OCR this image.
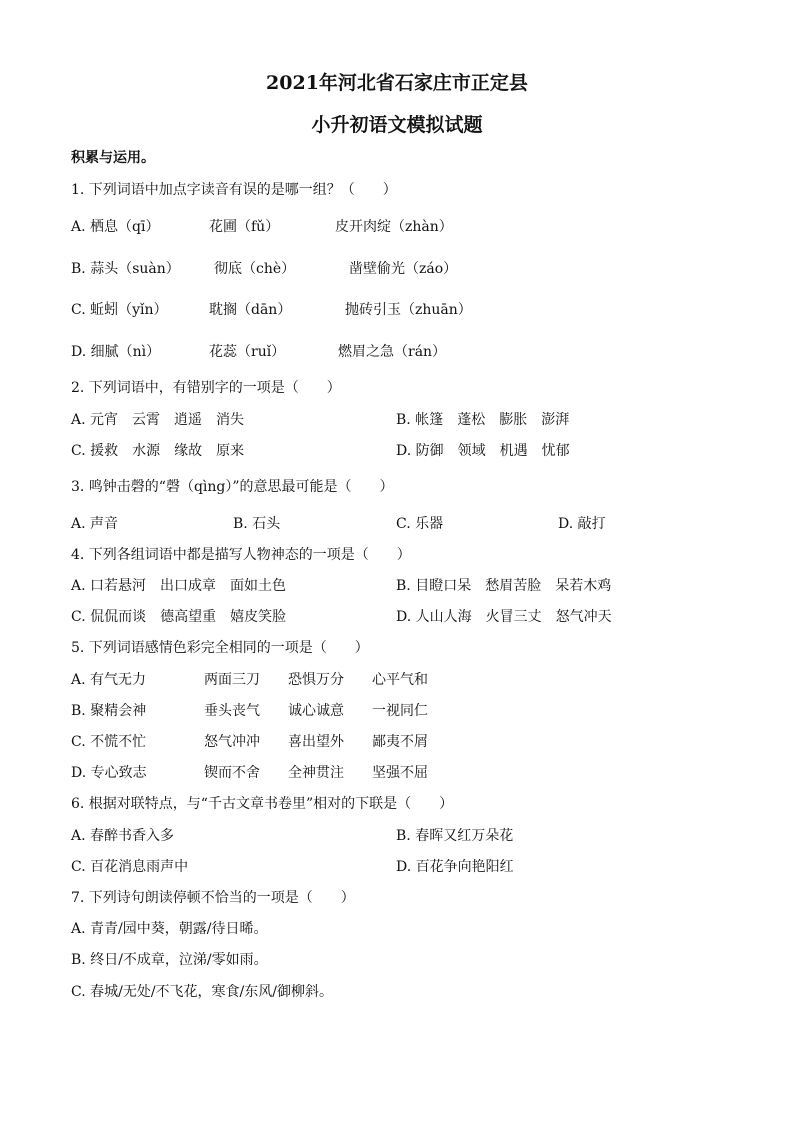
2021年河北省石家庄市正定县
小升初语文模拟试题
积累与运用。
1. 下列词语中加点字读音有误的是哪一组？（　　）
A. 栖息（qī）	花圃（fǔ）	皮开肉绽（zhàn）
B. 蒜头（suàn） 彻底（chè）	凿壁偷光（záo）
C. 蚯蚓（yǐn）	耽搁（dān）	抛砖引玉（zhuān）
D. 细腻（nì）	花蕊（ruǐ）	燃眉之急（rán）
2. 下列词语中，有错别字的一项是（　　）
A. 元宵　云霄　逍遥　消失	B. 帐篷　蓬松　膨胀　澎湃
C. 援救　水源　缘故　原来	D. 防御　领域　机遇　忧郁
3. 鸣钟击磬的“磬（qìng）”的意思最可能是（　　）
A. 声音	B. 石头	C. 乐器	D. 敲打
4. 下列各组词语中都是描写人物神态的一项是（　　）
A. 口若悬河　出口成章　面如土色	B. 目瞪口呆　愁眉苦脸　呆若木鸡
C. 侃侃而谈　德高望重　嬉皮笑脸	D. 人山人海　火冒三丈　怒气冲天
5. 下列词语感情色彩完全相同的一项是（　　）
A. 有气无力	两面三刀 恐惧万分 心平气和
B. 聚精会神	垂头丧气 诚心诚意 一视同仁
C. 不慌不忙	怒气冲冲 喜出望外 鄙夷不屑
D. 专心致志	锲而不舍 全神贯注 坚强不屈
6. 根据对联特点，与“千古文章书卷里”相对的下联是（　　）
A. 春醉书香入多	B. 春晖又红万朵花
C. 百花消息雨声中	D. 百花争向艳阳红
7. 下列诗句朗读停顿不恰当的一项是（　　）
A. 青青/园中葵，朝露/待日晞。
B. 终日/不成章，泣涕/零如雨。
C. 春城/无处/不飞花，寒食/东风/御柳斜。
